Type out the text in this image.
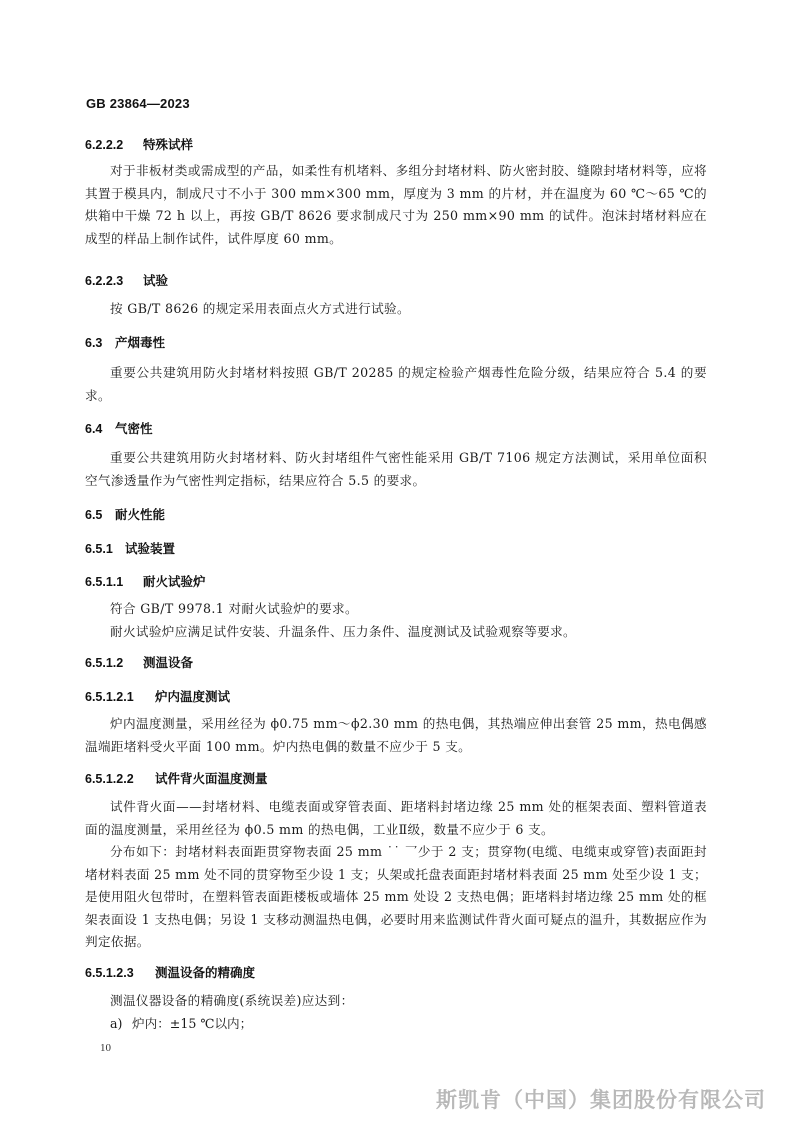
GB 23864—2023
6.2.2.2 特殊试样
对于非板材类或需成型的产品，如柔性有机堵料、多组分封堵材料、防火密封胶、缝隙封堵材料等，应将其置于模具内，制成尺寸不小于 300 mm×300 mm，厚度为 3 mm 的片材，并在温度为 60 ℃～65 ℃的烘箱中干燥 72 h 以上，再按 GB/T 8626 要求制成尺寸为 250 mm×90 mm 的试件。泡沫封堵材料应在成型的样品上制作试件，试件厚度 60 mm。
6.2.2.3 试验
按 GB/T 8626 的规定采用表面点火方式进行试验。
6.3 产烟毒性
重要公共建筑用防火封堵材料按照 GB/T 20285 的规定检验产烟毒性危险分级，结果应符合 5.4 的要求。
6.4 气密性
重要公共建筑用防火封堵材料、防火封堵组件气密性能采用 GB/T 7106 规定方法测试，采用单位面积空气渗透量作为气密性判定指标，结果应符合 5.5 的要求。
6.5 耐火性能
6.5.1 试验装置
6.5.1.1 耐火试验炉
符合 GB/T 9978.1 对耐火试验炉的要求。
耐火试验炉应满足试件安装、升温条件、压力条件、温度测试及试验观察等要求。
6.5.1.2 测温设备
6.5.1.2.1 炉内温度测试
炉内温度测量，采用丝径为 ϕ0.75 mm～ϕ2.30 mm 的热电偶，其热端应伸出套管 25 mm，热电偶感温端距堵料受火平面 100 mm。炉内热电偶的数量不应少于 5 支。
6.5.1.2.2 试件背火面温度测量
试件背火面——封堵材料、电缆表面或穿管表面、距堵料封堵边缘 25 mm 处的框架表面、塑料管道表面的温度测量，采用丝径为 ϕ0.5 mm 的热电偶，工业Ⅱ级，数量不应少于 6 支。
分布如下：封堵材料表面距贯穿物表面 25 mm ˙˙ 乛少于 2 支；贯穿物(电缆、电缆束或穿管)表面距封堵材料表面 25 mm 处不同的贯穿物至少设 1 支；乆架或托盘表面距封堵材料表面 25 mm 处至少设 1 支；是使用阻火包带时，在塑料管表面距楼板或墙体 25 mm 处设 2 支热电偶；距堵料封堵边缘 25 mm 处的框架表面设 1 支热电偶；另设 1 支移动测温热电偶，必要时用来监测试件背火面可疑点的温升，其数据应作为判定依据。
6.5.1.2.3 测温设备的精确度
测温仪器设备的精确度(系统误差)应达到：
a) 炉内：±15 ℃以内；
10
斯凯肯（中国）集团股份有限公司
